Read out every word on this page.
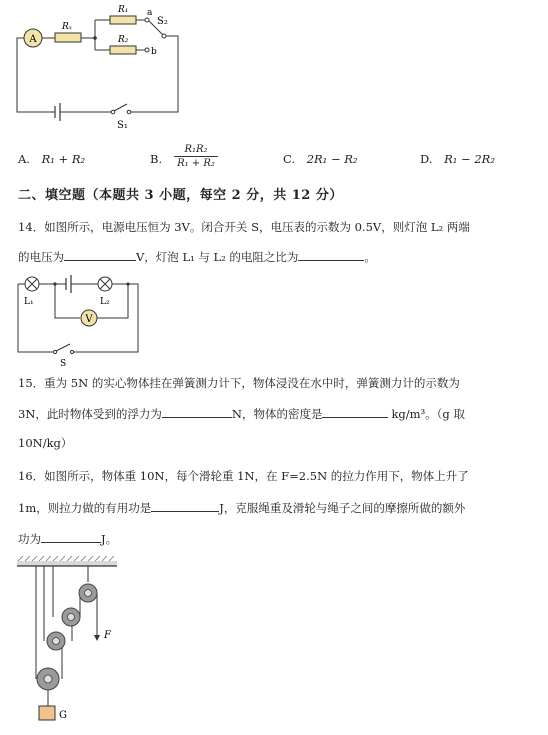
A
Rₓ
R₁ a
R₂
b
S₂
S₁
A. R₁ + R₂	B.
R₁R₂
R₁ + R₂	C. 2R₁ − R₂	D. R₁ − 2R₂
二、填空题（本题共 3 小题，每空 2 分，共 12 分）
14．如图所示，电源电压恒为 3V。闭合开关 S，电压表的示数为 0.5V，则灯泡 L₂ 两端
的电压为	V，灯泡 L₁ 与 L₂ 的电阻之比为	。
L₁	L₂
V
S
15．重为 5N 的实心物体挂在弹簧测力计下，物体浸没在水中时，弹簧测力计的示数为
3N，此时物体受到的浮力为	N，物体的密度是	kg/m³。（g 取
10N/kg）
16．如图所示，物体重 10N，每个滑轮重 1N，在 F=2.5N 的拉力作用下，物体上升了
1m，则拉力做的有用功是	J，克服绳重及滑轮与绳子之间的摩擦所做的额外
功为	J。
F
G
